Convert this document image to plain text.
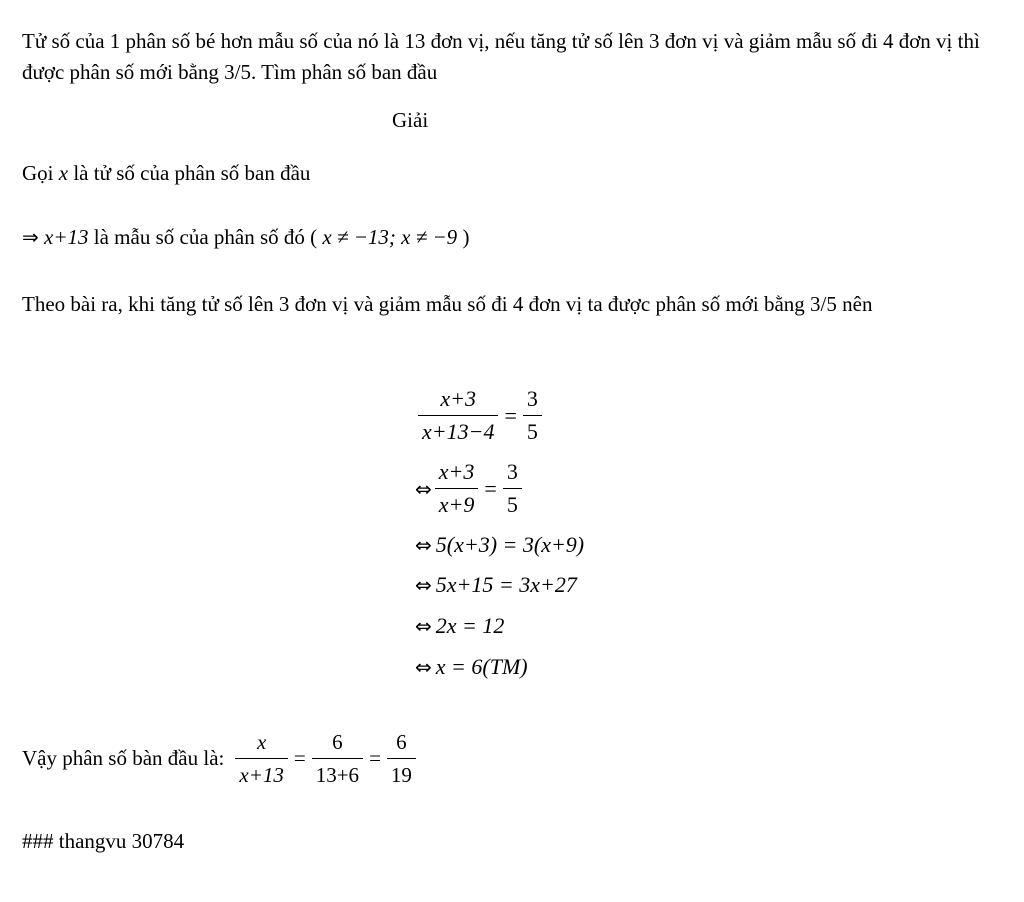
Tử số của 1 phân số bé hơn mẫu số của nó là 13 đơn vị, nếu tăng tử số lên 3 đơn vị và giảm mẫu số đi 4 đơn vị thì được phân số mới bằng 3/5. Tìm phân số ban đầu
Giải
Gọi x là tử số của phân số ban đầu
⇒ x+13 là mẫu số của phân số đó ( x ≠ −13; x ≠ −9 )
Theo bài ra, khi tăng tử số lên 3 đơn vị và giảm mẫu số đi 4 đơn vị ta được phân số mới bằng 3/5 nên
$\frac{x+3}{x+13-4} = \frac{3}{5}$
⇔ $\frac{x+3}{x+9} = \frac{3}{5}$
⇔ 5(x+3) = 3(x+9)
⇔ 5x+15 = 3x+27
⇔ 2x = 12
⇔ x = 6(TM)
Vậy phân số bàn đầu là: $\frac{x}{x+13} = \frac{6}{13+6} = \frac{6}{19}$
### thangvu 30784
